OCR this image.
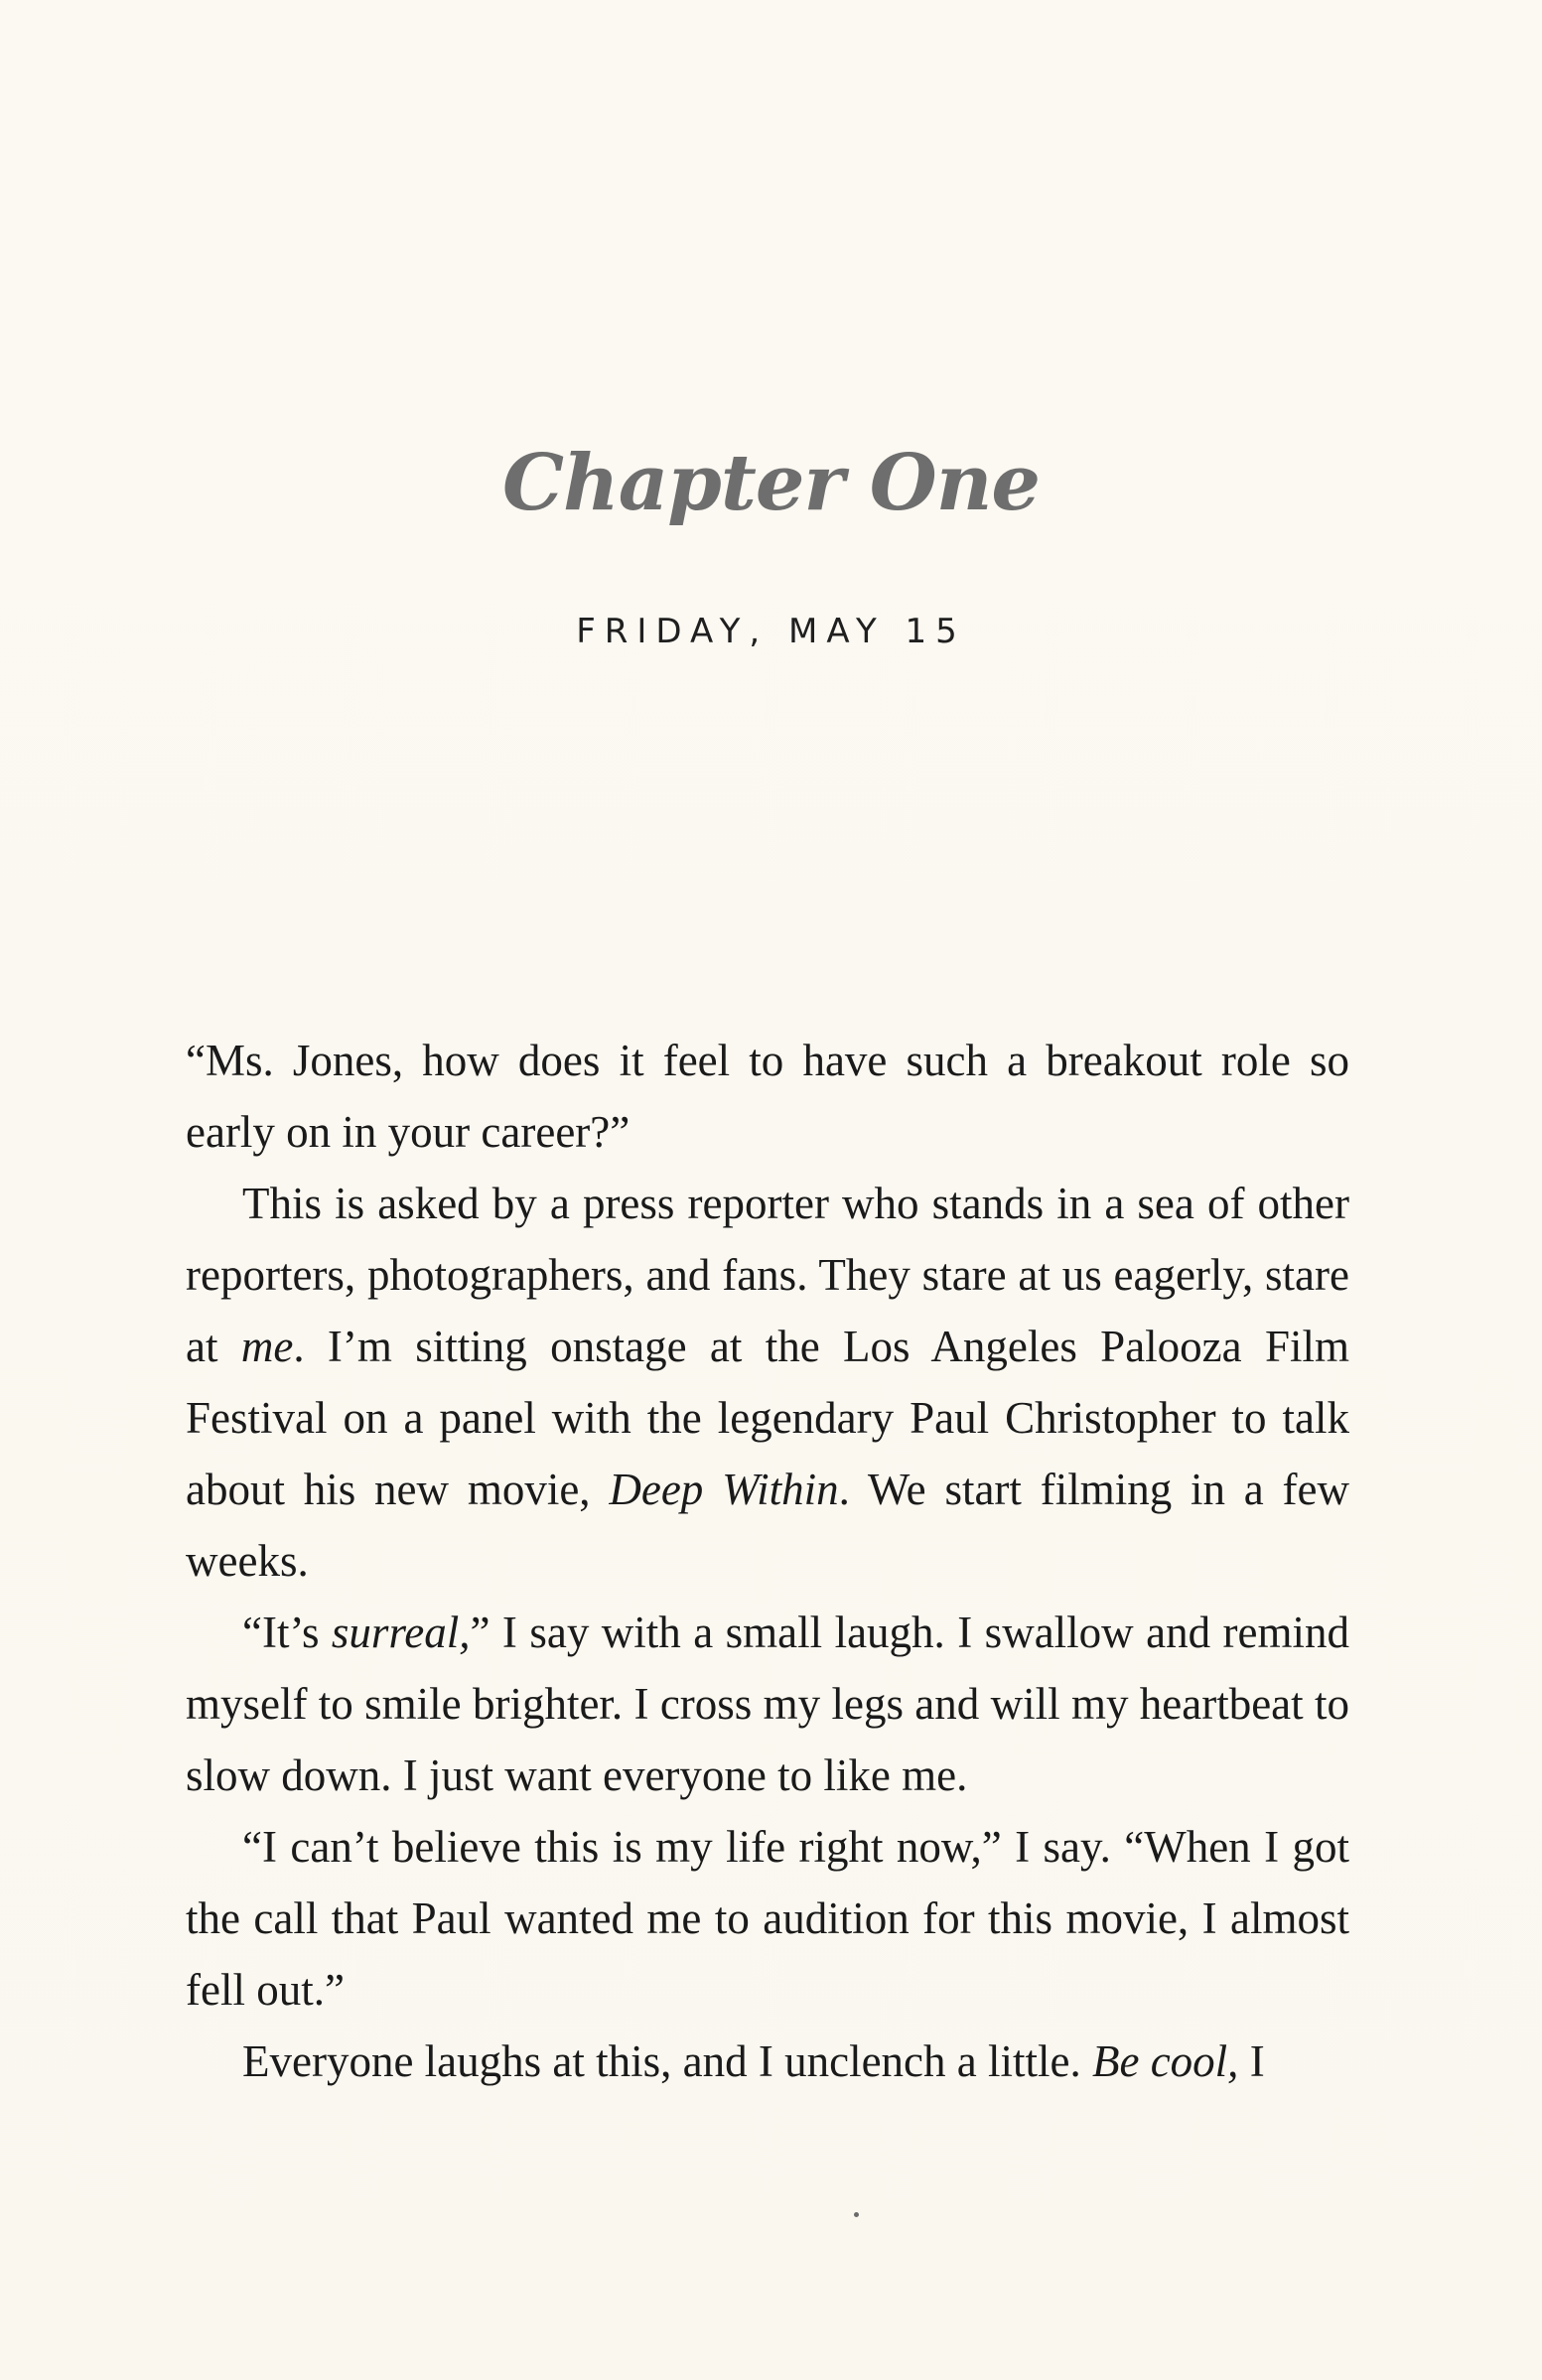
Chapter One
FRIDAY, MAY 15

“Ms. Jones, how does it feel to have such a breakout role so early on in your career?”

This is asked by a press reporter who stands in a sea of other reporters, photographers, and fans. They stare at us eagerly, stare at me. I’m sitting onstage at the Los Angeles Palooza Film Festival on a panel with the legendary Paul Christopher to talk about his new movie, Deep Within. We start filming in a few weeks.

“It’s surreal,” I say with a small laugh. I swallow and remind myself to smile brighter. I cross my legs and will my heartbeat to slow down. I just want everyone to like me.

“I can’t believe this is my life right now,” I say. “When I got the call that Paul wanted me to audition for this movie, I almost fell out.”

Everyone laughs at this, and I unclench a little. Be cool, I
